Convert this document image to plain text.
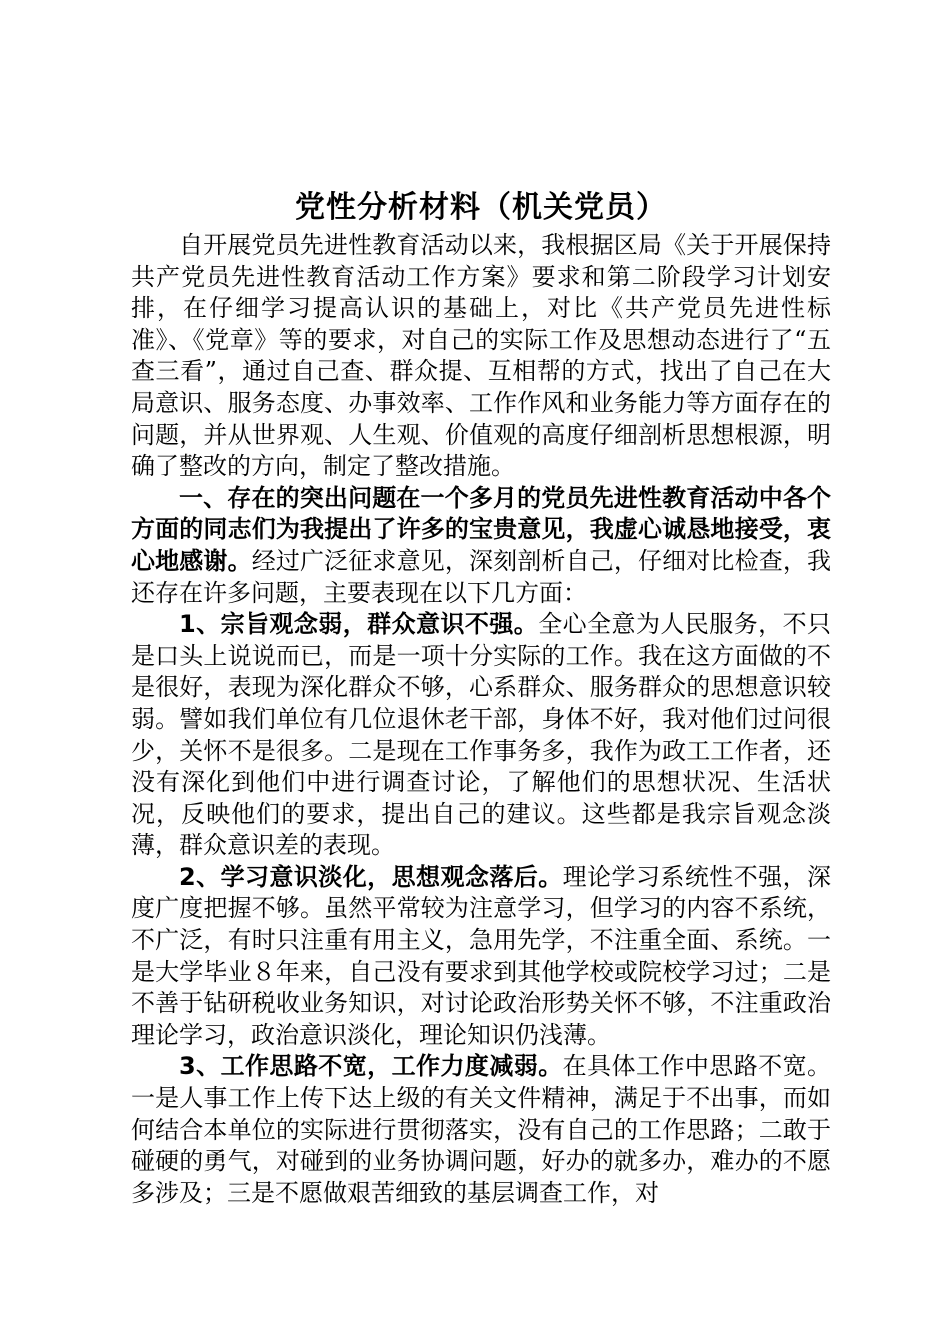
党性分析材料（机关党员）

自开展党员先进性教育活动以来，我根据区局《关于开展保持共产党员先进性教育活动工作方案》要求和第二阶段学习计划安排，在仔细学习提高认识的基础上，对比《共产党员先进性标准》、《党章》等的要求，对自己的实际工作及思想动态进行了“五查三看”，通过自己查、群众提、互相帮的方式，找出了自己在大局意识、服务态度、办事效率、工作作风和业务能力等方面存在的问题，并从世界观、人生观、价值观的高度仔细剖析思想根源，明确了整改的方向，制定了整改措施。

一、存在的突出问题在一个多月的党员先进性教育活动中各个方面的同志们为我提出了许多的宝贵意见，我虚心诚恳地接受，衷心地感谢。经过广泛征求意见，深刻剖析自己，仔细对比检查，我还存在许多问题，主要表现在以下几方面：

1、宗旨观念弱，群众意识不强。全心全意为人民服务，不只是口头上说说而已，而是一项十分实际的工作。我在这方面做的不是很好，表现为深化群众不够，心系群众、服务群众的思想意识较弱。譬如我们单位有几位退休老干部，身体不好，我对他们过问很少，关怀不是很多。二是现在工作事务多，我作为政工工作者，还没有深化到他们中进行调查讨论，了解他们的思想状况、生活状况，反映他们的要求，提出自己的建议。这些都是我宗旨观念淡薄，群众意识差的表现。

2、学习意识淡化，思想观念落后。理论学习系统性不强，深度广度把握不够。虽然平常较为注意学习，但学习的内容不系统，不广泛，有时只注重有用主义，急用先学，不注重全面、系统。一是大学毕业８年来，自己没有要求到其他学校或院校学习过；二是不善于钻研税收业务知识，对讨论政治形势关怀不够，不注重政治理论学习，政治意识淡化，理论知识仍浅薄。

3、工作思路不宽，工作力度减弱。在具体工作中思路不宽。一是人事工作上传下达上级的有关文件精神，满足于不出事，而如何结合本单位的实际进行贯彻落实，没有自己的工作思路；二敢于碰硬的勇气，对碰到的业务协调问题，好办的就多办，难办的不愿多涉及；三是不愿做艰苦细致的基层调查工作，对
